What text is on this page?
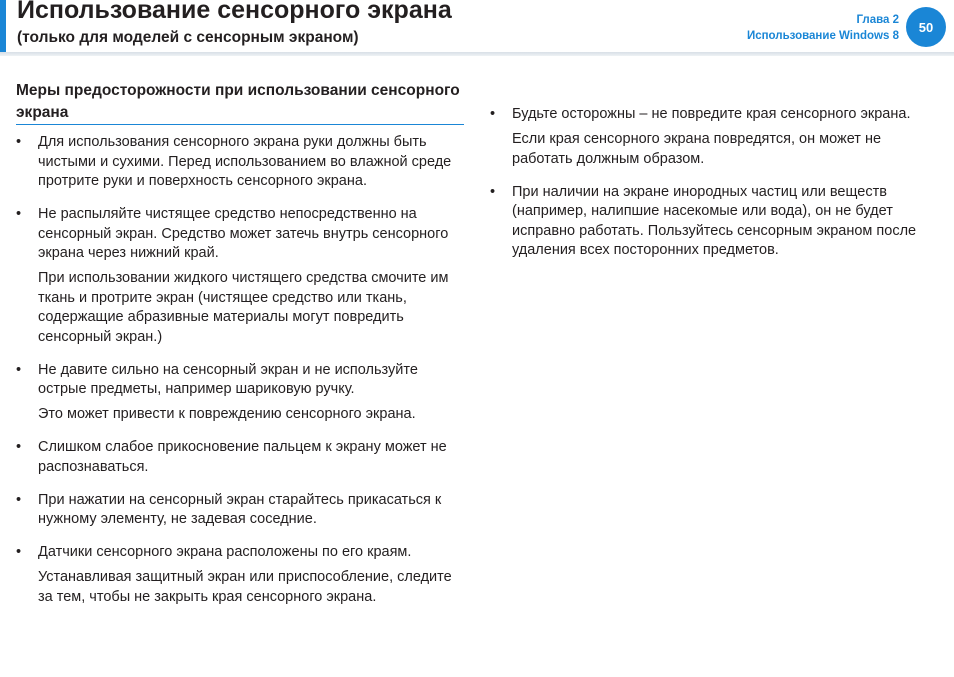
Использование сенсорного экрана
(только для моделей с сенсорным экраном)
Глава 2
Использование Windows 8
50
Меры предосторожности при использовании сенсорного экрана
•	Для использования сенсорного экрана руки должны быть чистыми и сухими. Перед использованием во влажной среде протрите руки и поверхность сенсорного экрана.
•	Не распыляйте чистящее средство непосредственно на сенсорный экран. Средство может затечь внутрь сенсорного экрана через нижний край.
При использовании жидкого чистящего средства смочите им ткань и протрите экран (чистящее средство или ткань, содержащие абразивные материалы могут повредить сенсорный экран.)
•	Не давите сильно на сенсорный экран и не используйте острые предметы, например шариковую ручку.
Это может привести к повреждению сенсорного экрана.
•	Слишком слабое прикосновение пальцем к экрану может не распознаваться.
•	При нажатии на сенсорный экран старайтесь прикасаться к нужному элементу, не задевая соседние.
•	Датчики сенсорного экрана расположены по его краям.
Устанавливая защитный экран или приспособление, следите за тем, чтобы не закрыть края сенсорного экрана.
•	Будьте осторожны – не повредите края сенсорного экрана.
Если края сенсорного экрана повредятся, он может не работать должным образом.
•	При наличии на экране инородных частиц или веществ (например, налипшие насекомые или вода), он не будет исправно работать. Пользуйтесь сенсорным экраном после удаления всех посторонних предметов.
